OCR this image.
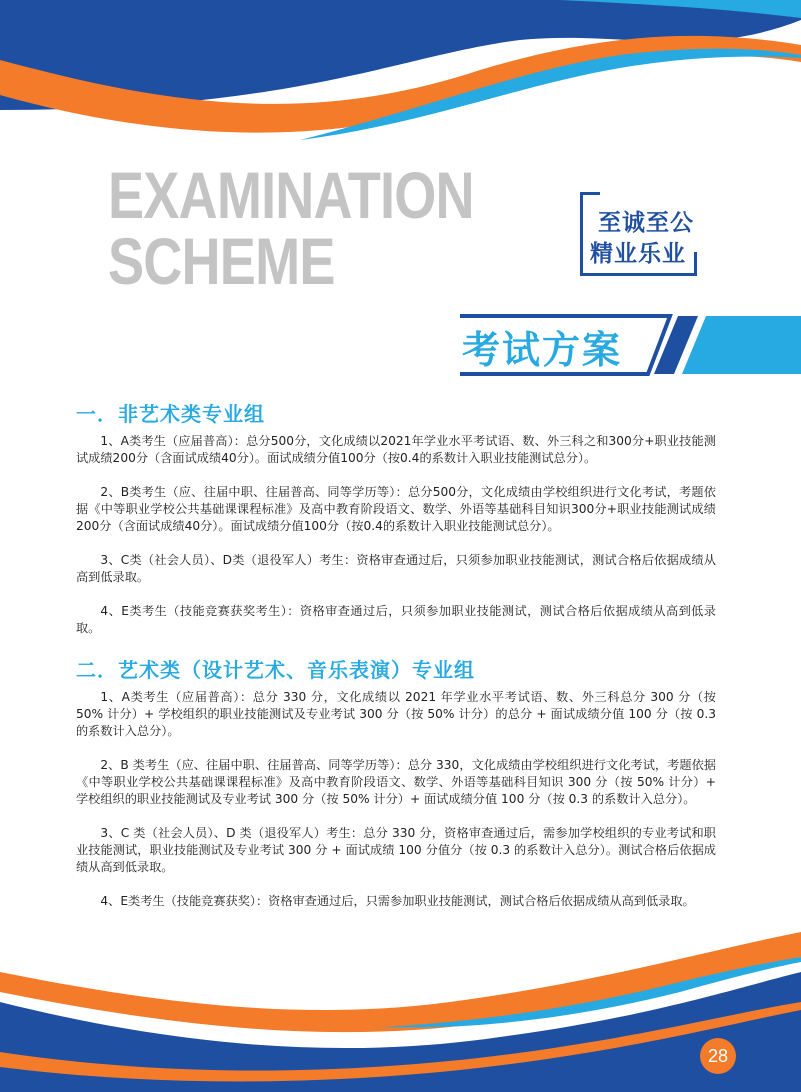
EXAMINATION
SCHEME
至诚至公
精业乐业
考试方案
一．非艺术类专业组

1、A类考生（应届普高）：总分500分，文化成绩以2021年学业水平考试语、数、外三科之和300分+职业技能测试成绩200分（含面试成绩40分）。面试成绩分值100分（按0.4的系数计入职业技能测试总分）。

2、B类考生（应、往届中职、往届普高、同等学历等）：总分500分，文化成绩由学校组织进行文化考试，考题依据《中等职业学校公共基础课课程标准》及高中教育阶段语文、数学、外语等基础科目知识300分+职业技能测试成绩200分（含面试成绩40分）。面试成绩分值100分（按0.4的系数计入职业技能测试总分）。

3、C类（社会人员）、D类（退役军人）考生：资格审查通过后，只须参加职业技能测试，测试合格后依据成绩从高到低录取。

4、E类考生（技能竞赛获奖考生）：资格审查通过后，只须参加职业技能测试，测试合格后依据成绩从高到低录取。

二．艺术类（设计艺术、音乐表演）专业组

1、A类考生（应届普高）：总分 330 分，文化成绩以 2021 年学业水平考试语、数、外三科总分 300 分（按 50% 计分）+ 学校组织的职业技能测试及专业考试 300 分（按 50% 计分）的总分 + 面试成绩分值 100 分（按 0.3 的系数计入总分）。

2、B 类考生（应、往届中职、往届普高、同等学历等）：总分 330，文化成绩由学校组织进行文化考试，考题依据《中等职业学校公共基础课课程标准》及高中教育阶段语文、数学、外语等基础科目知识 300 分（按 50% 计分）+ 学校组织的职业技能测试及专业考试 300 分（按 50% 计分）+ 面试成绩分值 100 分（按 0.3 的系数计入总分）。

3、C 类（社会人员）、D 类（退役军人）考生：总分 330 分，资格审查通过后，需参加学校组织的专业考试和职业技能测试，职业技能测试及专业考试 300 分 + 面试成绩 100 分值分（按 0.3 的系数计入总分）。测试合格后依据成绩从高到低录取。

4、E类考生（技能竞赛获奖）：资格审查通过后，只需参加职业技能测试，测试合格后依据成绩从高到低录取。

28
